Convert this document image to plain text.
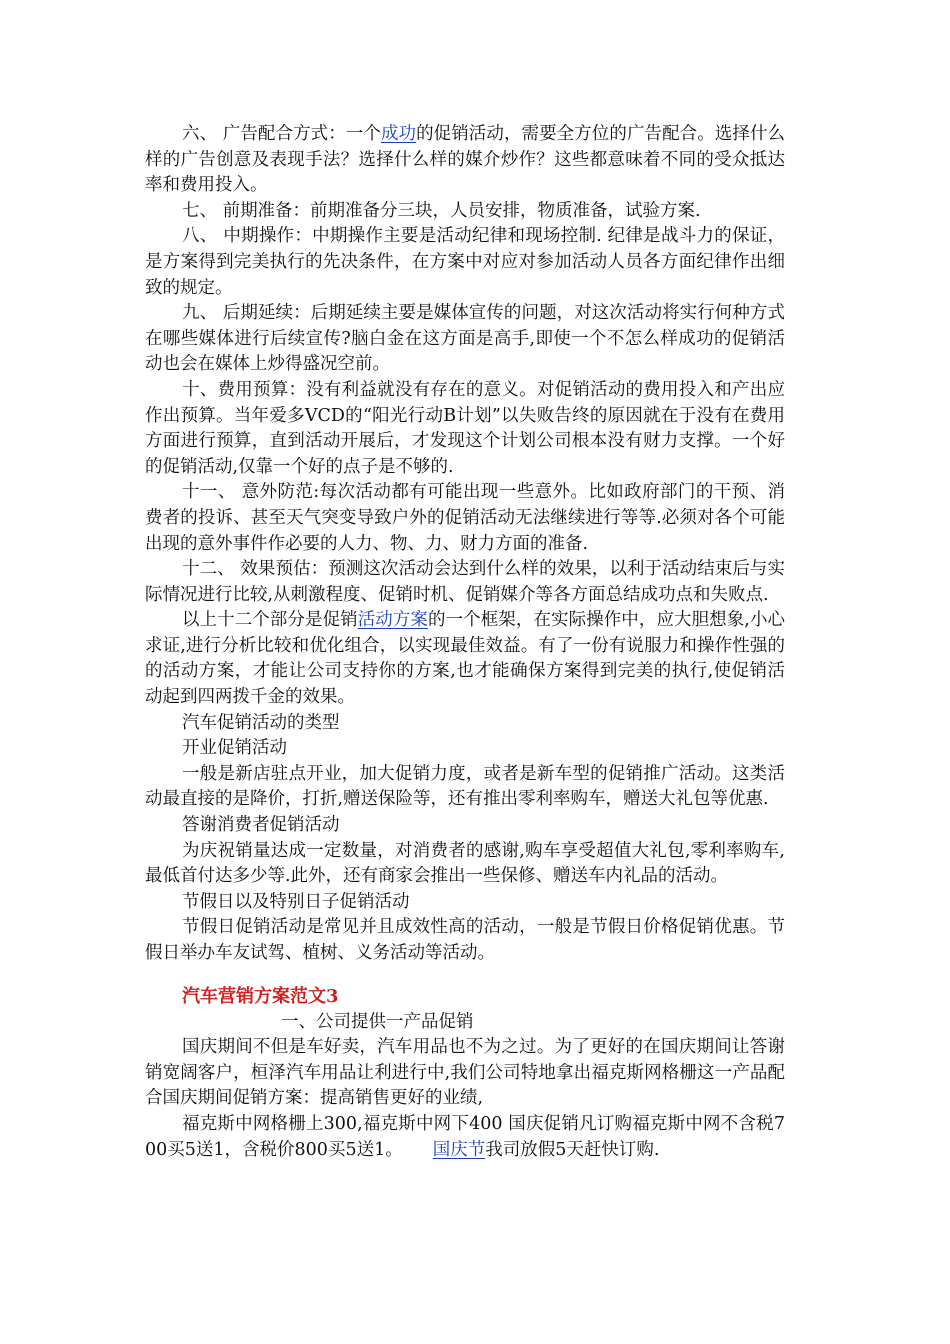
六、 广告配合方式：一个成功的促销活动，需要全方位的广告配合。选择什么样的广告创意及表现手法？选择什么样的媒介炒作？这些都意味着不同的受众抵达率和费用投入。

七、 前期准备：前期准备分三块，人员安排，物质准备，试验方案.

八、 中期操作：中期操作主要是活动纪律和现场控制. 纪律是战斗力的保证，是方案得到完美执行的先决条件，在方案中对应对参加活动人员各方面纪律作出细致的规定。

九、 后期延续：后期延续主要是媒体宣传的问题，对这次活动将实行何种方式在哪些媒体进行后续宣传?脑白金在这方面是高手,即使一个不怎么样成功的促销活动也会在媒体上炒得盛况空前。

十、费用预算：没有利益就没有存在的意义。对促销活动的费用投入和产出应作出预算。当年爱多VCD的“阳光行动B计划”以失败告终的原因就在于没有在费用方面进行预算，直到活动开展后，才发现这个计划公司根本没有财力支撑。一个好的促销活动,仅靠一个好的点子是不够的.

十一、 意外防范:每次活动都有可能出现一些意外。比如政府部门的干预、消费者的投诉、甚至天气突变导致户外的促销活动无法继续进行等等.必须对各个可能出现的意外事件作必要的人力、物、力、财力方面的准备.

十二、 效果预估：预测这次活动会达到什么样的效果，以利于活动结束后与实际情况进行比较,从刺激程度、促销时机、促销媒介等各方面总结成功点和失败点.

以上十二个部分是促销活动方案的一个框架，在实际操作中，应大胆想象,小心求证,进行分析比较和优化组合，以实现最佳效益。有了一份有说服力和操作性强的的活动方案，才能让公司支持你的方案,也才能确保方案得到完美的执行,使促销活动起到四两拨千金的效果。

汽车促销活动的类型

开业促销活动

一般是新店驻点开业，加大促销力度，或者是新车型的促销推广活动。这类活动最直接的是降价，打折,赠送保险等，还有推出零利率购车，赠送大礼包等优惠.

答谢消费者促销活动

为庆祝销量达成一定数量，对消费者的感谢,购车享受超值大礼包,零利率购车,最低首付达多少等.此外，还有商家会推出一些保修、赠送车内礼品的活动。

节假日以及特别日子促销活动

节假日促销活动是常见并且成效性高的活动，一般是节假日价格促销优惠。节假日举办车友试驾、植树、义务活动等活动。

汽车营销方案范文3

一、公司提供一产品促销

国庆期间不但是车好卖，汽车用品也不为之过。为了更好的在国庆期间让答谢销宽阔客户，桓泽汽车用品让利进行中,我们公司特地拿出福克斯网格栅这一产品配合国庆期间促销方案：提高销售更好的业绩,

福克斯中网格栅上300,福克斯中网下400 国庆促销凡订购福克斯中网不含税700买5送1，含税价800买5送1。 国庆节我司放假5天赶快订购.
